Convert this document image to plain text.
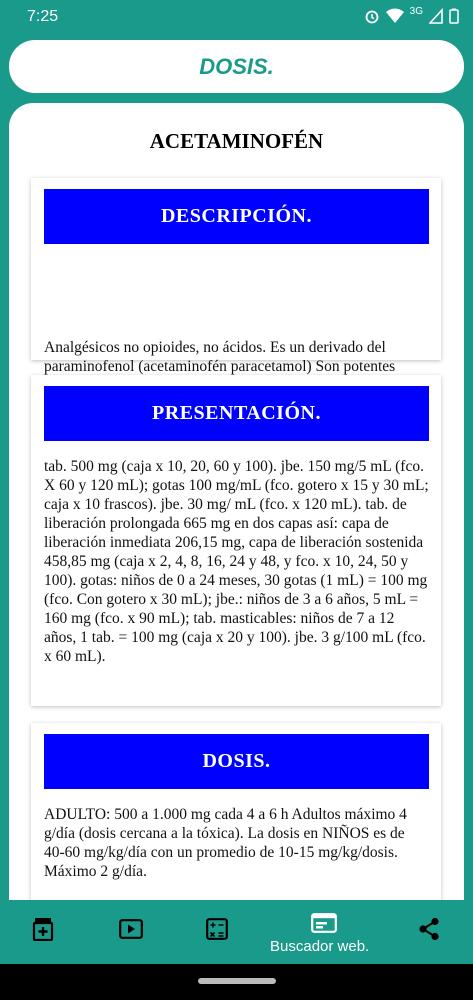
7:25	3G
DOSIS.
ACETAMINOFÉN
DESCRIPCIÓN.
Analgésicos no opioides, no ácidos. Es un derivado del paraminofenol (acetaminofén paracetamol) Son potentes
PRESENTACIÓN.
tab. 500 mg (caja x 10, 20, 60 y 100). jbe. 150 mg/5 mL (fco. X 60 y 120 mL); gotas 100 mg/mL (fco. gotero x 15 y 30 mL; caja x 10 frascos). jbe. 30 mg/ mL (fco. x 120 mL). tab. de liberación prolongada 665 mg en dos capas así: capa de liberación inmediata 206,15 mg, capa de liberación sostenida 458,85 mg (caja x 2, 4, 8, 16, 24 y 48, y fco. x 10, 24, 50 y 100). gotas: niños de 0 a 24 meses, 30 gotas (1 mL) = 100 mg (fco. Con gotero x 30 mL); jbe.: niños de 3 a 6 años, 5 mL = 160 mg (fco. x 90 mL); tab. masticables: niños de 7 a 12 años, 1 tab. = 100 mg (caja x 20 y 100). jbe. 3 g/100 mL (fco. x 60 mL).
DOSIS.
ADULTO: 500 a 1.000 mg cada 4 a 6 h Adultos máximo 4 g/día (dosis cercana a la tóxica). La dosis en NIÑOS es de 40-60 mg/kg/día con un promedio de 10-15 mg/kg/dosis. Máximo 2 g/día.
Buscador web.
